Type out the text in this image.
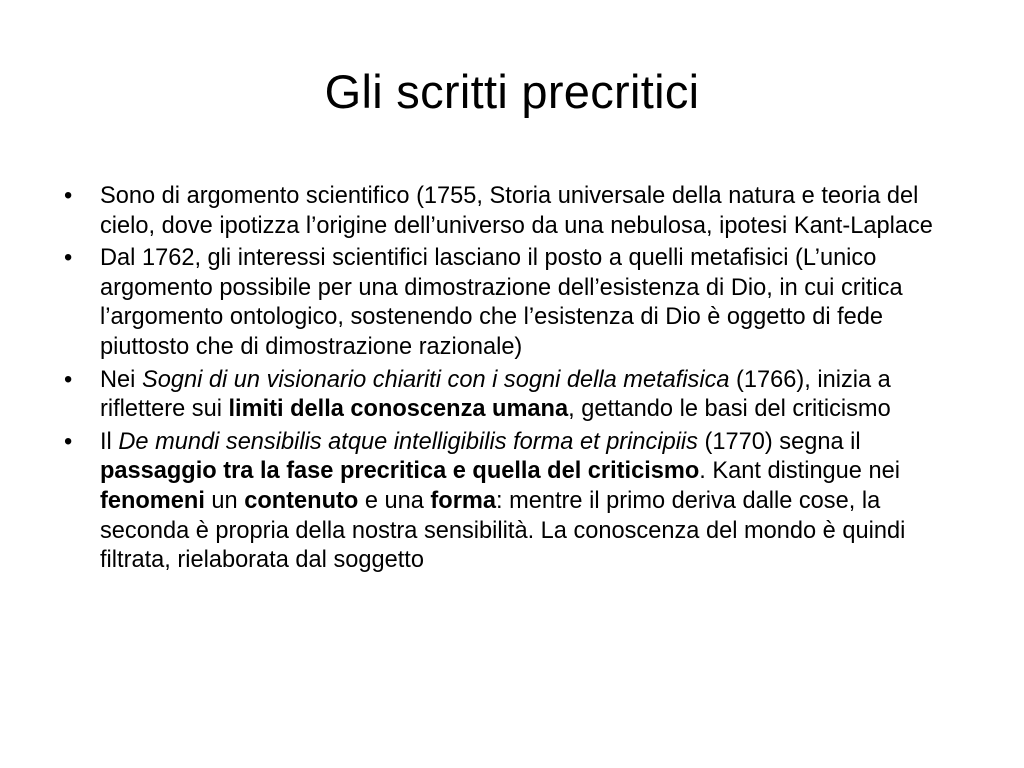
Gli scritti precritici
•	Sono di argomento scientifico (1755, Storia universale della natura e teoria del cielo, dove ipotizza l’origine dell’universo da una nebulosa, ipotesi Kant-Laplace
•	Dal 1762, gli interessi scientifici lasciano il posto a quelli metafisici (L’unico argomento possibile per una dimostrazione dell’esistenza di Dio, in cui critica l’argomento ontologico, sostenendo che l’esistenza di Dio è oggetto di fede piuttosto che di dimostrazione razionale)
•	Nei Sogni di un visionario chiariti con i sogni della metafisica (1766), inizia a riflettere sui limiti della conoscenza umana, gettando le basi del criticismo
•	Il De mundi sensibilis atque intelligibilis forma et principiis (1770) segna il passaggio tra la fase precritica e quella del criticismo. Kant distingue nei fenomeni un contenuto e una forma: mentre il primo deriva dalle cose, la seconda è propria della nostra sensibilità. La conoscenza del mondo è quindi filtrata, rielaborata dal soggetto
